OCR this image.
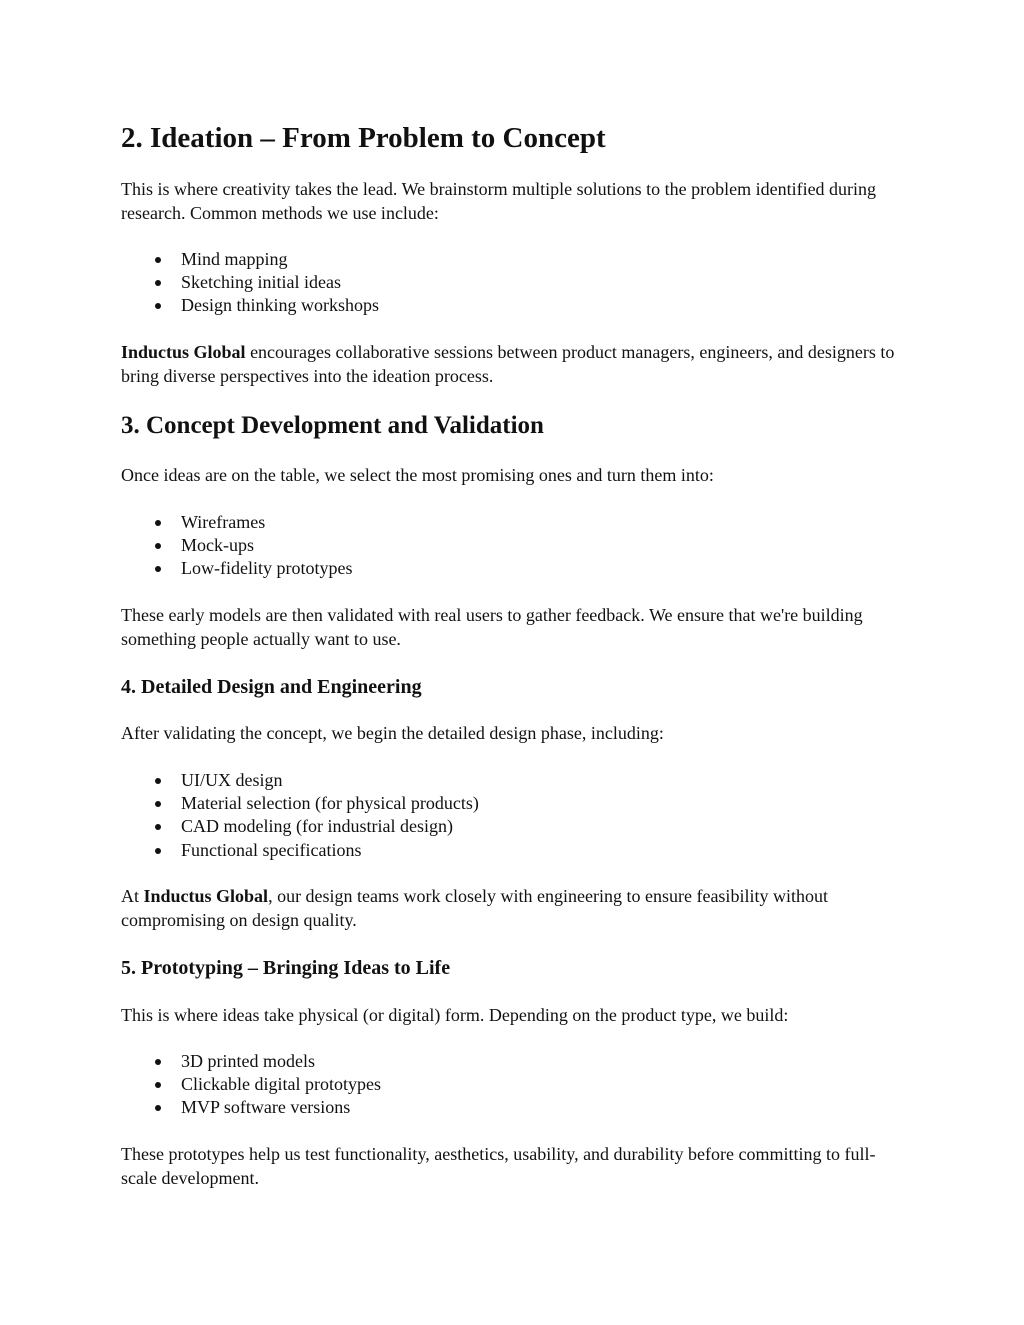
2. Ideation – From Problem to Concept

This is where creativity takes the lead. We brainstorm multiple solutions to the problem identified during research. Common methods we use include:

Mind mapping
Sketching initial ideas
Design thinking workshops

Inductus Global encourages collaborative sessions between product managers, engineers, and designers to bring diverse perspectives into the ideation process.

3. Concept Development and Validation

Once ideas are on the table, we select the most promising ones and turn them into:

Wireframes
Mock-ups
Low-fidelity prototypes

These early models are then validated with real users to gather feedback. We ensure that we're building something people actually want to use.

4. Detailed Design and Engineering

After validating the concept, we begin the detailed design phase, including:

UI/UX design
Material selection (for physical products)
CAD modeling (for industrial design)
Functional specifications

At Inductus Global, our design teams work closely with engineering to ensure feasibility without compromising on design quality.

5. Prototyping – Bringing Ideas to Life

This is where ideas take physical (or digital) form. Depending on the product type, we build:

3D printed models
Clickable digital prototypes
MVP software versions

These prototypes help us test functionality, aesthetics, usability, and durability before committing to full-scale development.
